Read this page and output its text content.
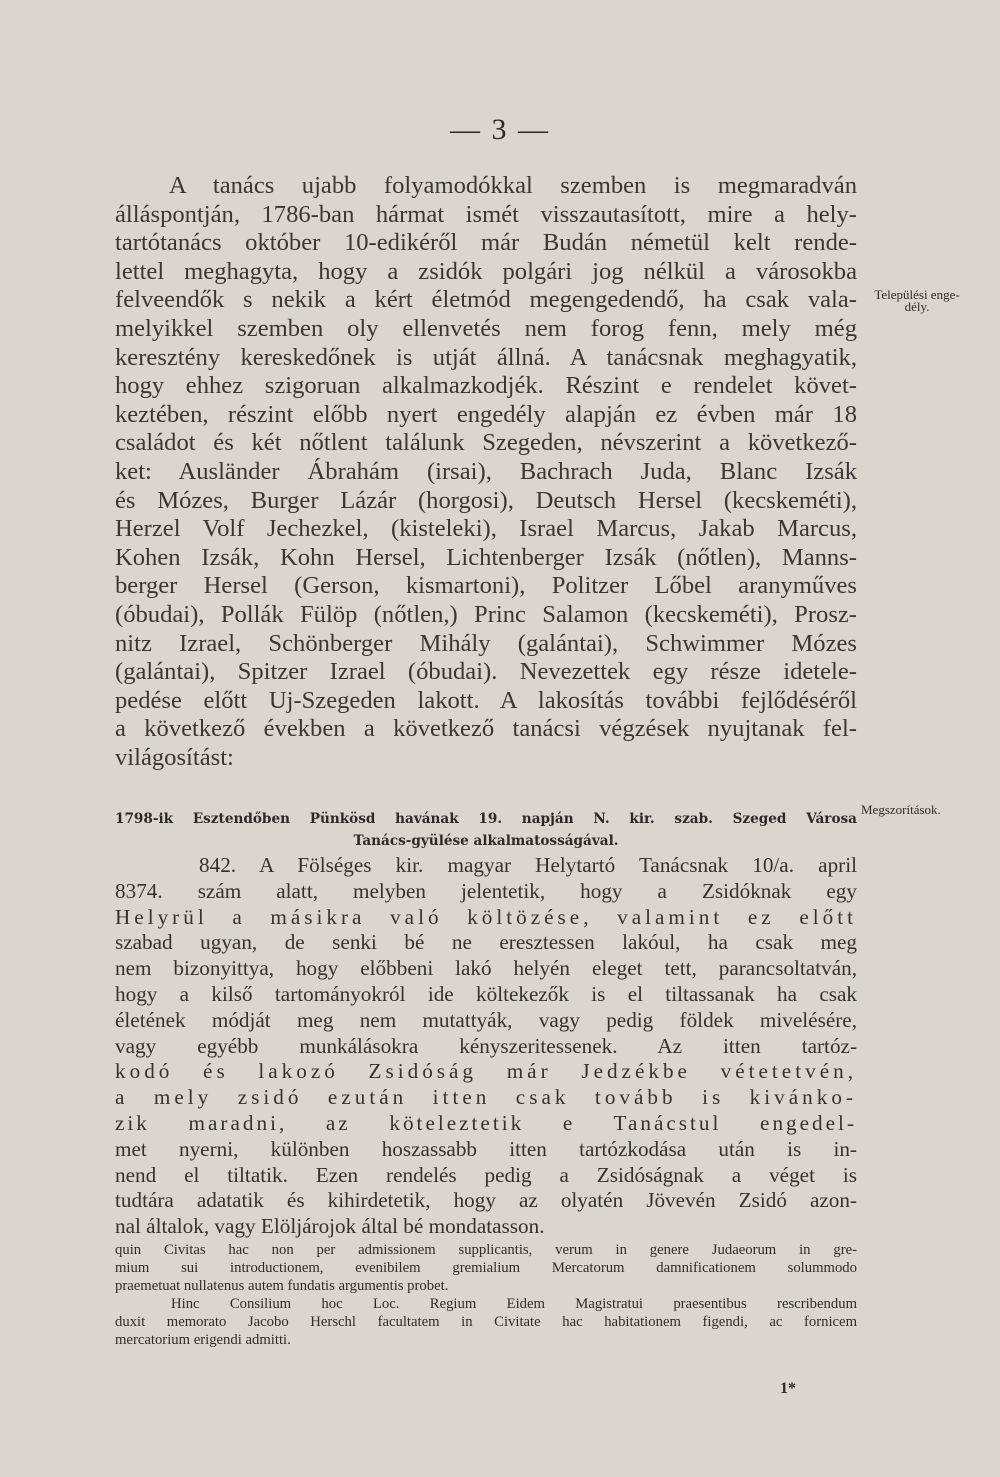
— 3 —
A tanács ujabb folyamodókkal szemben is megmaradván
álláspontján, 1786-ban hármat ismét visszautasított, mire a hely-
tartótanács október 10-edikéről már Budán németül kelt rende-
lettel meghagyta, hogy a zsidók polgári jog nélkül a városokba
felveendők s nekik a kért életmód megengedendő, ha csak vala-
melyikkel szemben oly ellenvetés nem forog fenn, mely még
keresztény kereskedőnek is utját állná. A tanácsnak meghagyatik,
hogy ehhez szigoruan alkalmazkodjék. Részint e rendelet követ-
keztében, részint előbb nyert engedély alapján ez évben már 18
családot és két nőtlent találunk Szegeden, névszerint a következő-
ket: Ausländer Ábrahám (irsai), Bachrach Juda, Blanc Izsák
és Mózes, Burger Lázár (horgosi), Deutsch Hersel (kecskeméti),
Herzel Volf Jechezkel, (kisteleki), Israel Marcus, Jakab Marcus,
Kohen Izsák, Kohn Hersel, Lichtenberger Izsák (nőtlen), Manns-
berger Hersel (Gerson, kismartoni), Politzer Lőbel aranyműves
(óbudai), Pollák Fülöp (nőtlen,) Princ Salamon (kecskeméti), Prosz-
nitz Izrael, Schönberger Mihály (galántai), Schwimmer Mózes
(galántai), Spitzer Izrael (óbudai). Nevezettek egy része idetele-
pedése előtt Uj-Szegeden lakott. A lakosítás további fejlődéséről
a következő években a következő tanácsi végzések nyujtanak fel-
világosítást:
Települési enge-
dély.
1798-ik Esztendőben Pünkösd havának 19. napján N. kir. szab. Szeged Városa
Tanács-gyülése alkalmatosságával.
Megszorítások.
842. A Fölséges kir. magyar Helytartó Tanácsnak 10/a. april
8374. szám alatt, melyben jelentetik, hogy a Zsidóknak egy
Helyrül a másikra való költözése, valamint ez előtt
szabad ugyan, de senki bé ne eresztessen lakóul, ha csak meg
nem bizonyittya, hogy előbbeni lakó helyén eleget tett, parancsoltatván,
hogy a kilső tartományokról ide költekezők is el tiltassanak ha csak
életének módját meg nem mutattyák, vagy pedig földek mivelésére,
vagy egyébb munkálásokra kényszeritessenek. Az itten tartóz-
kodó és lakozó Zsidóság már Jedzékbe vétetetvén,
a mely zsidó ezután itten csak tovább is kivánko-
zik maradni, az köteleztetik e Tanácstul engedel-
met nyerni, különben hoszassabb itten tartózkodása után is in-
nend el tiltatik. Ezen rendelés pedig a Zsidóságnak a véget is
tudtára adatatik és kihirdetetik, hogy az olyatén Jövevén Zsidó azon-
nal általok, vagy Elöljárojok által bé mondatasson.
quin Civitas hac non per admissionem supplicantis, verum in genere Judaeorum in gre-
mium sui introductionem, evenibilem gremialium Mercatorum damnificationem solummodo
praemetuat nullatenus autem fundatis argumentis probet.
Hinc Consilium hoc Loc. Regium Eidem Magistratui praesentibus rescribendum
duxit memorato Jacobo Herschl facultatem in Civitate hac habitationem figendi, ac fornicem
mercatorium erigendi admitti.
1*
